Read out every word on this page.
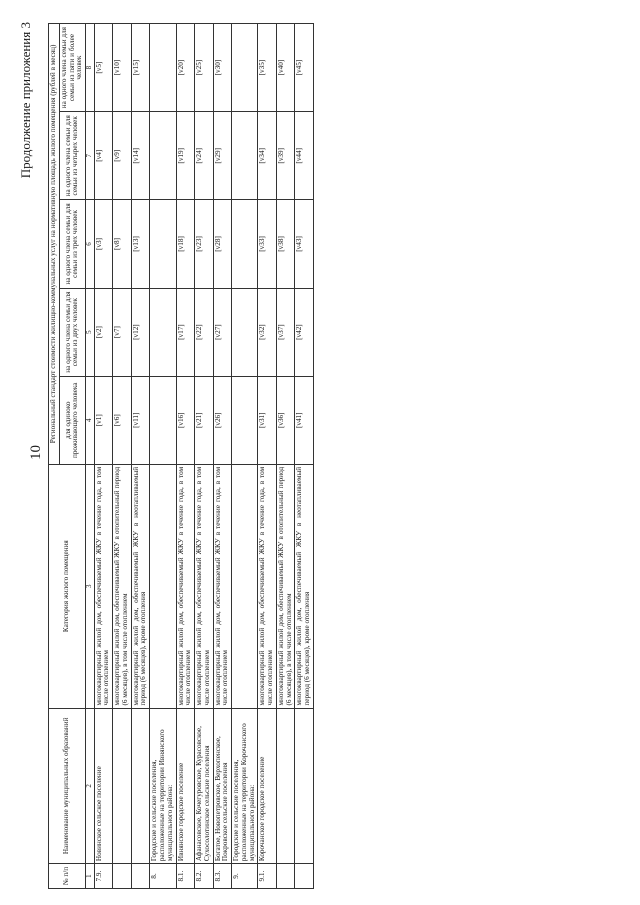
10
Продолжение приложения 3
№ п/п	Наименование муниципальных образований	Категория жилого помещения	Региональный стандарт стоимости жилищно-коммунальных услуг на нормативную площадь жилого помещения (рублей в месяц)				
			для одиноко проживающего человека	на одного члена семьи для семьи из двух человек	на одного члена семьи для семьи из трех человек	на одного члена семьи для семьи из четырех человек	на одного члена семьи для семьи из пяти и более человек
1	2	3	4	5	6	7	8
7.9.	Новинское сельское поселение	многоквартирный жилой дом, обеспечиваемый ЖКУ в течение года, в том числе отоплением	[v1]	[v2]	[v3]	[v4]	[v5]
		многоквартирный жилой дом, обеспечиваемый ЖКУ в отопительный период (6 месяцев), в том числе отоплением	[v6]	[v7]	[v8]	[v9]	[v10]
		многоквартирный жилой дом, обеспечиваемый ЖКУ в неотапливаемый период (6 месяцев), кроме отопления	[v11]	[v12]	[v13]	[v14]	[v15]
8.	Городские и сельские поселения, расположенные на территории Ивнянского муниципального района:						
8.1.	Ивнянское городское поселение	многоквартирный жилой дом, обеспечиваемый ЖКУ в течение года, в том числе отоплением	[v16]	[v17]	[v18]	[v19]	[v20]
8.2.	Афанасовское, Кочегуровское, Курасовское, Сухосолотинское сельские поселения	многоквартирный жилой дом, обеспечиваемый ЖКУ в течение года, в том числе отоплением	[v21]	[v22]	[v23]	[v24]	[v25]
8.3.	Богатое, Новопетровское, Верхопенское, Покровское сельские поселения	многоквартирный жилой дом, обеспечиваемый ЖКУ в течение года, в том числе отоплением	[v26]	[v27]	[v28]	[v29]	[v30]
9.	Городские и сельские поселения, расположенные на территории Корочанского муниципального района:						
9.1.	Корочанское городское поселение	многоквартирный жилой дом, обеспечиваемый ЖКУ в течение года, в том числе отоплением	[v31]	[v32]	[v33]	[v34]	[v35]
		многоквартирный жилой дом, обеспечиваемый ЖКУ в отопительный период (6 месяцев), в том числе отоплением	[v36]	[v37]	[v38]	[v39]	[v40]
		многоквартирный жилой дом, обеспечиваемый ЖКУ в неотапливаемый период (6 месяцев), кроме отопления	[v41]	[v42]	[v43]	[v44]	[v45]
